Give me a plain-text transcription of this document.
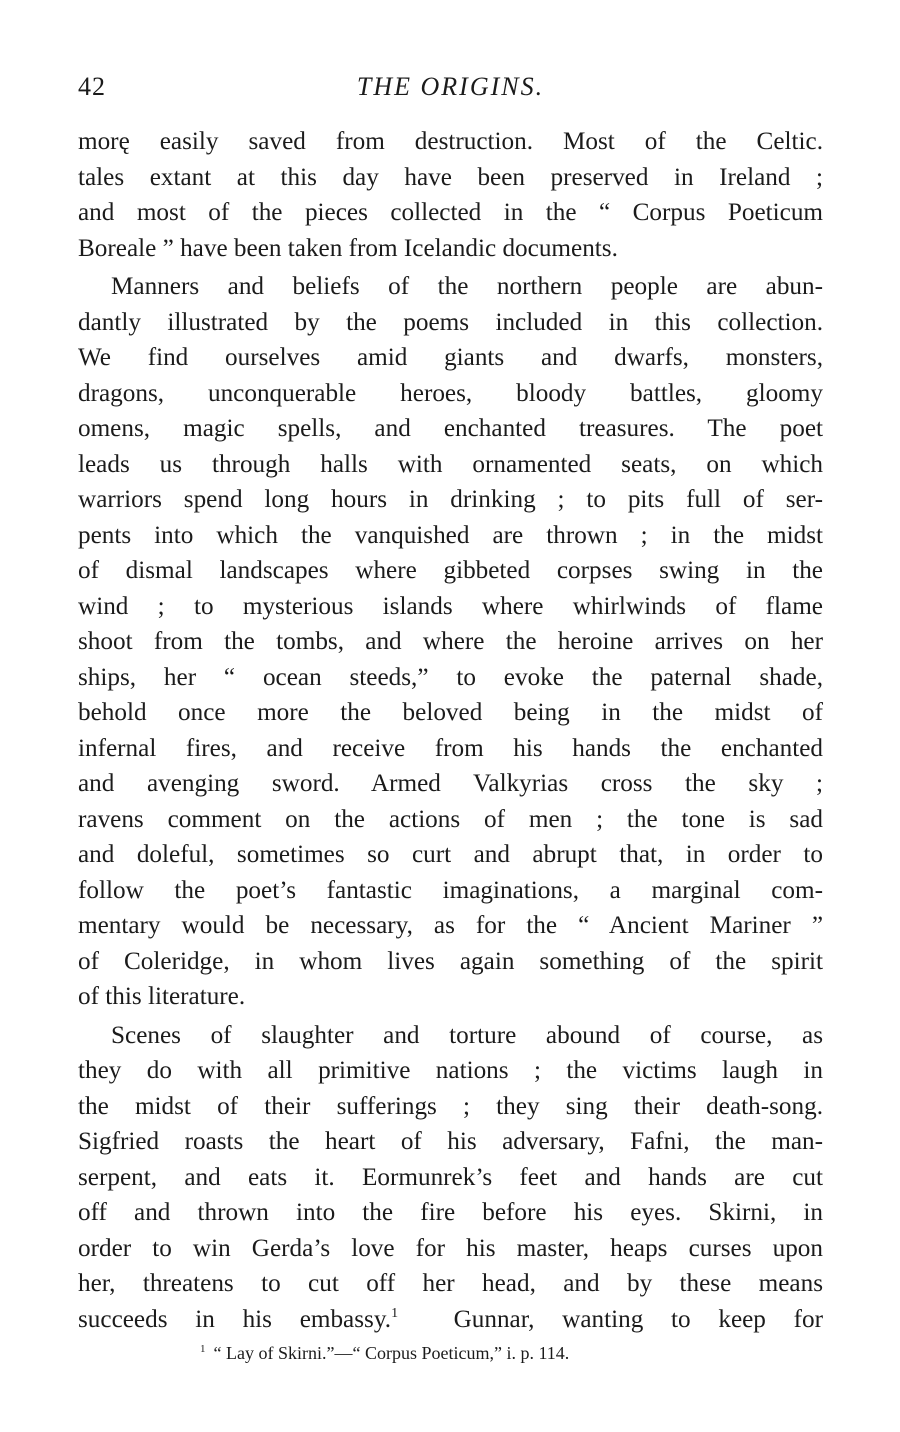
42	THE ORIGINS.
morę easily saved from destruction. Most of the Celtic.
tales extant at this day have been preserved in Ireland ;
and most of the pieces collected in the “ Corpus Poeticum
Boreale ” have been taken from Icelandic documents.
Manners and beliefs of the northern people are abun-
dantly illustrated by the poems included in this collection.
We find ourselves amid giants and dwarfs, monsters,
dragons, unconquerable heroes, bloody battles, gloomy
omens, magic spells, and enchanted treasures. The poet
leads us through halls with ornamented seats, on which
warriors spend long hours in drinking ; to pits full of ser-
pents into which the vanquished are thrown ; in the midst
of dismal landscapes where gibbeted corpses swing in the
wind ; to mysterious islands where whirlwinds of flame
shoot from the tombs, and where the heroine arrives on her
ships, her “ ocean steeds,” to evoke the paternal shade,
behold once more the beloved being in the midst of
infernal fires, and receive from his hands the enchanted
and avenging sword. Armed Valkyrias cross the sky ;
ravens comment on the actions of men ; the tone is sad
and doleful, sometimes so curt and abrupt that, in order to
follow the poet’s fantastic imaginations, a marginal com-
mentary would be necessary, as for the “ Ancient Mariner ”
of Coleridge, in whom lives again something of the spirit
of this literature.
Scenes of slaughter and torture abound of course, as
they do with all primitive nations ; the victims laugh in
the midst of their sufferings ; they sing their death-song.
Sigfried roasts the heart of his adversary, Fafni, the man-
serpent, and eats it. Eormunrek’s feet and hands are cut
off and thrown into the fire before his eyes. Skirni, in
order to win Gerda’s love for his master, heaps curses upon
her, threatens to cut off her head, and by these means
succeeds in his embassy.$^1$  Gunnar, wanting to keep for
$^1$ “ Lay of Skirni.”—“ Corpus Poeticum,” i. p. 114.
